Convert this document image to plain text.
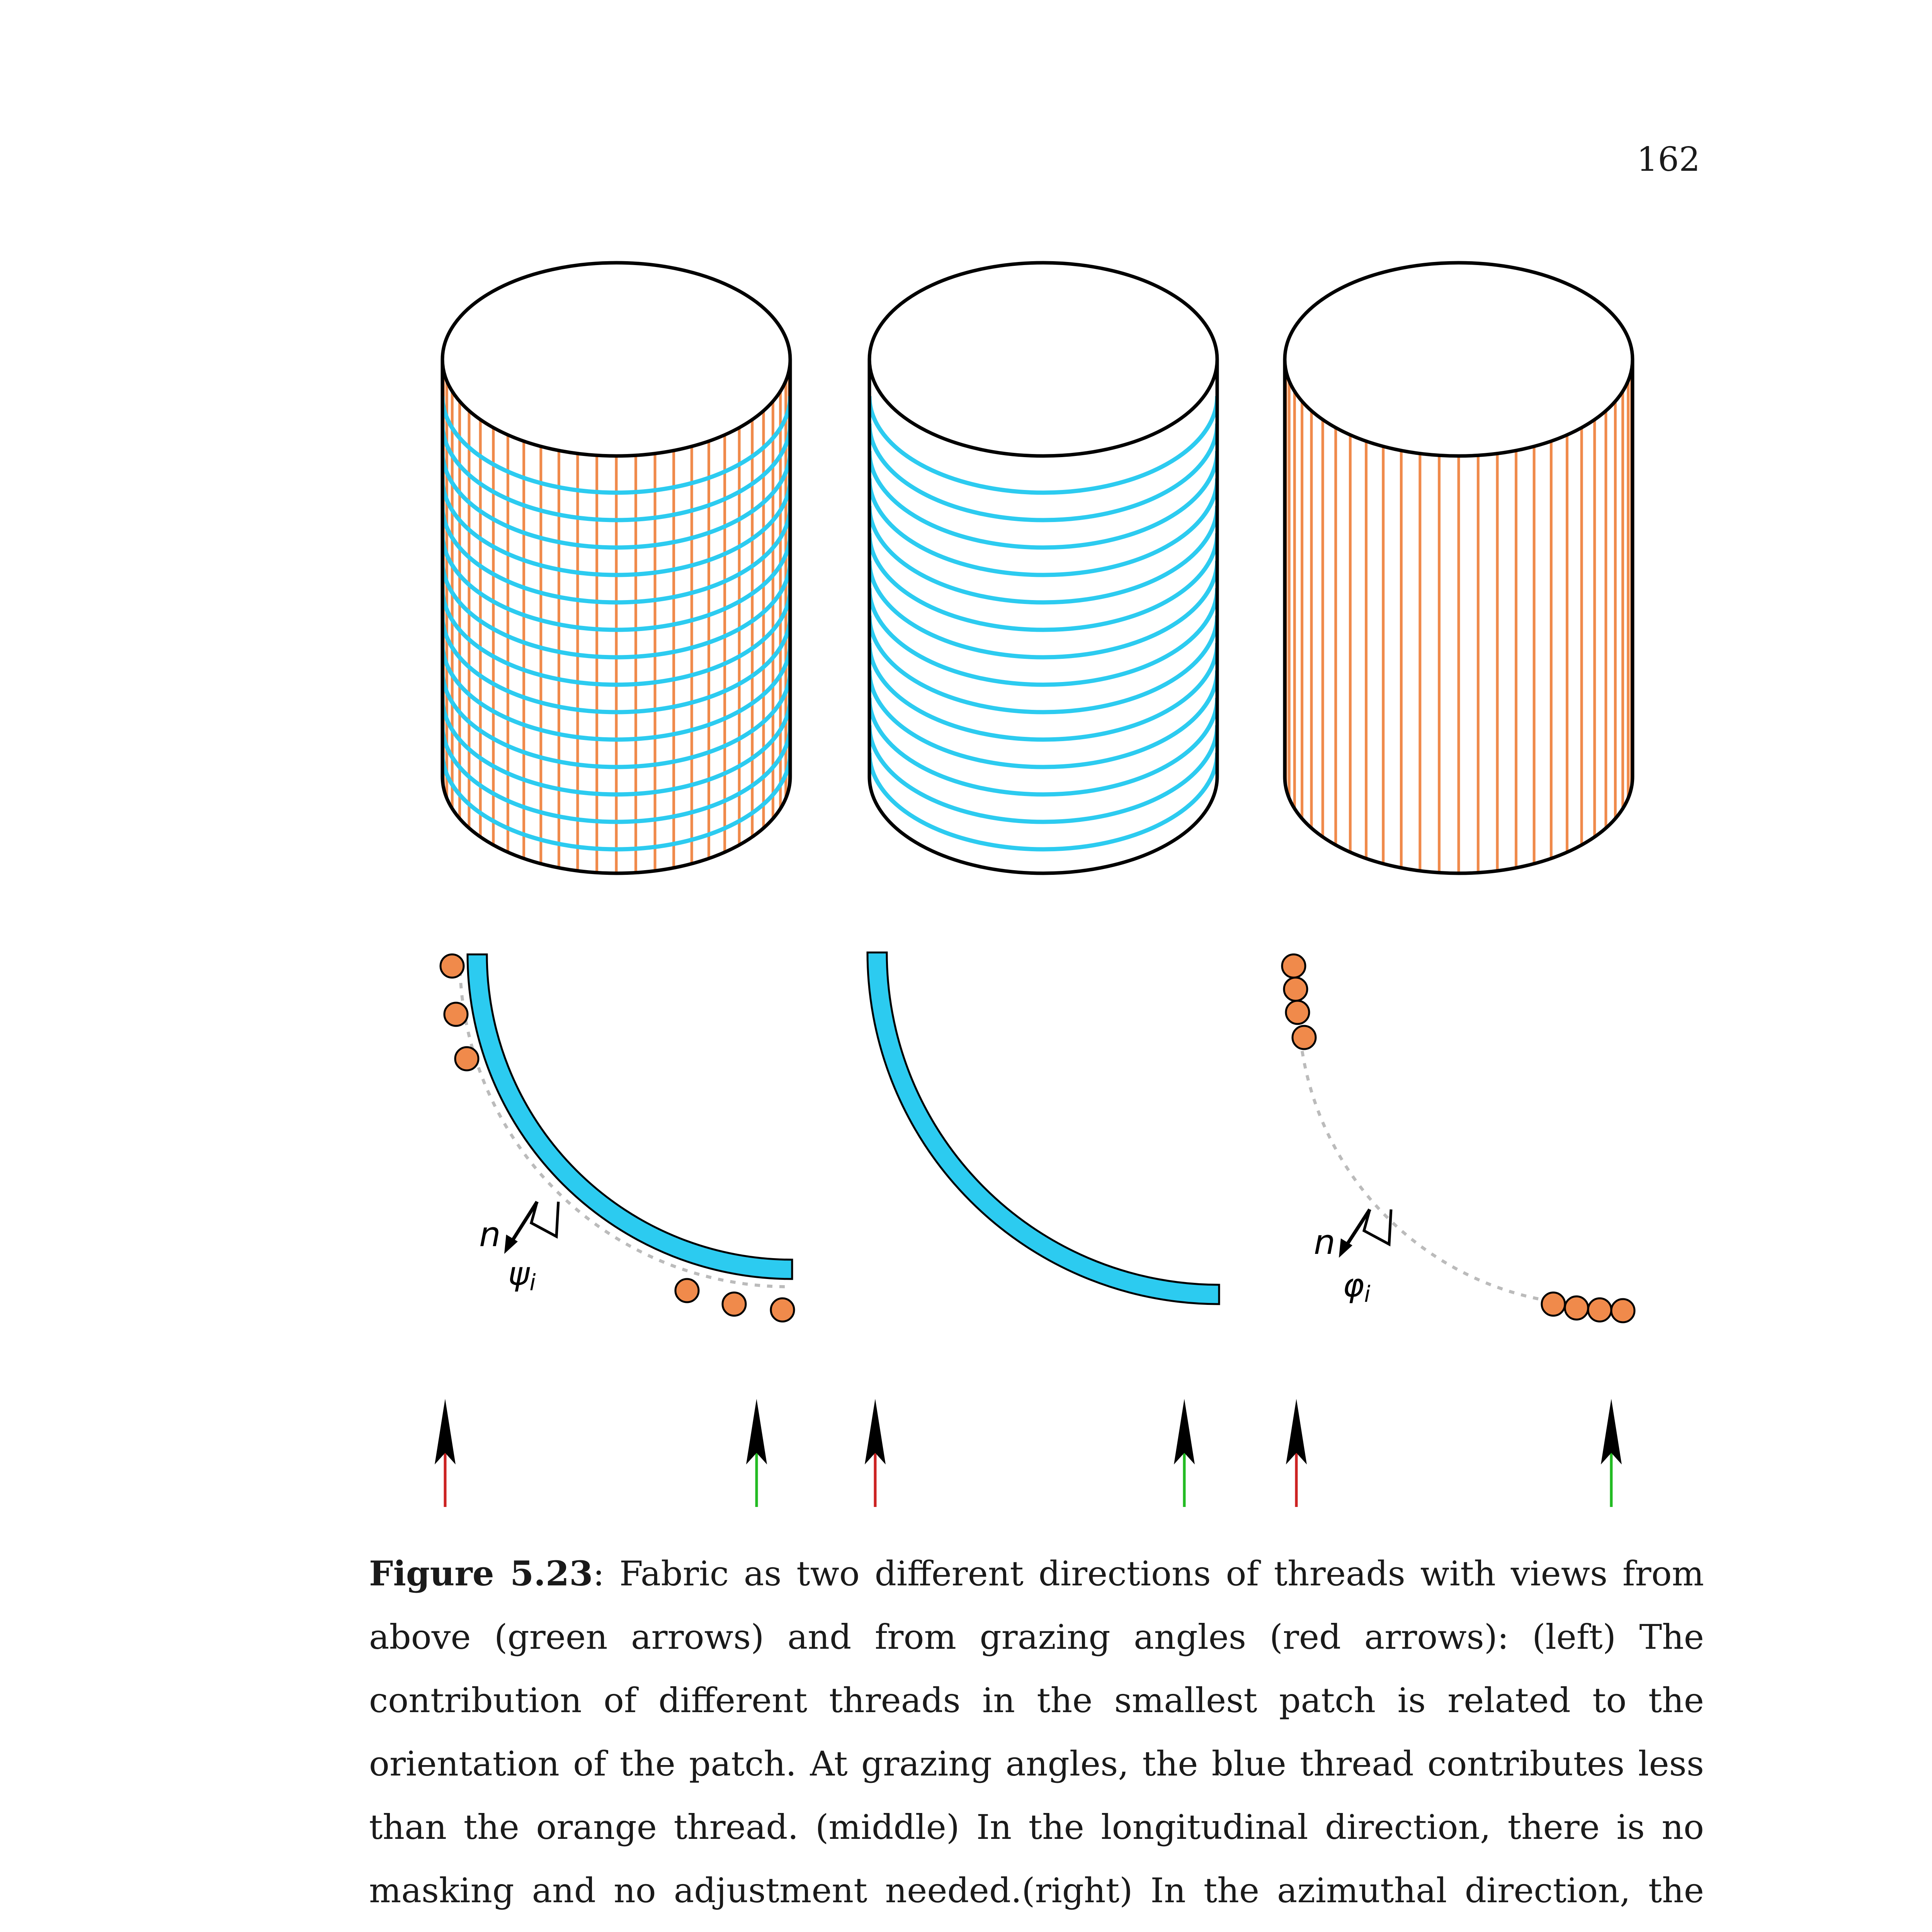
162
n
ψi
n
φi
Figure 5.23: Fabric as two different directions of threads with views from above (green arrows) and from grazing angles (red arrows): (left) The contribution of different threads in the smallest patch is related to the orientation of the patch. At grazing angles, the blue thread contributes less than the orange thread. (middle) In the longitudinal direction, there is no masking and no adjustment needed.(right) In the azimuthal direction, the
